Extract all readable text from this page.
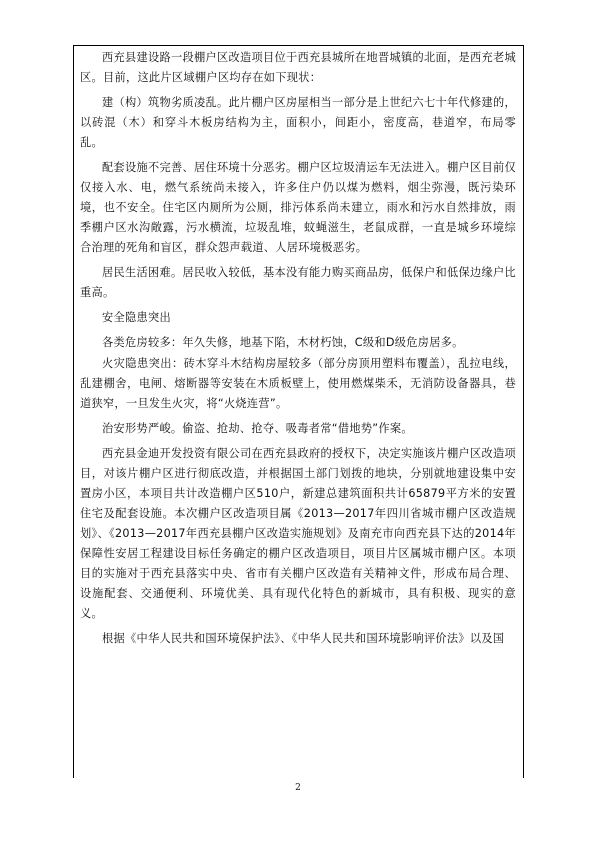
西充县建设路一段棚户区改造项目位于西充县城所在地晋城镇的北面，是西充老城区。目前，这此片区域棚户区均存在如下现状：

建（构）筑物劣质凌乱。此片棚户区房屋相当一部分是上世纪六七十年代修建的，以砖混（木）和穿斗木板房结构为主，面积小，间距小，密度高，巷道窄，布局零乱。

配套设施不完善、居住环境十分恶劣。棚户区垃圾清运车无法进入。棚户区目前仅仅接入水、电，燃气系统尚未接入，许多住户仍以煤为燃料，烟尘弥漫，既污染环境，也不安全。住宅区内厕所为公厕，排污体系尚未建立，雨水和污水自然排放，雨季棚户区水沟敞露，污水横流，垃圾乱堆，蚊蝇滋生，老鼠成群，一直是城乡环境综合治理的死角和盲区，群众怨声载道、人居环境极恶劣。

居民生活困难。居民收入较低，基本没有能力购买商品房，低保户和低保边缘户比重高。

安全隐患突出

各类危房较多：年久失修，地基下陷，木材朽蚀，C级和D级危房居多。

火灾隐患突出：砖木穿斗木结构房屋较多（部分房顶用塑料布覆盖），乱拉电线，乱建棚舍，电闸、熔断器等安装在木质板壁上，使用燃煤柴禾，无消防设备器具，巷道狭窄，一旦发生火灾，将“火烧连营”。

治安形势严峻。偷盗、抢劫、抢夺、吸毒者常“借地势”作案。

西充县金迪开发投资有限公司在西充县政府的授权下，决定实施该片棚户区改造项目，对该片棚户区进行彻底改造，并根据国土部门划拨的地块，分别就地建设集中安置房小区，本项目共计改造棚户区510户，新建总建筑面积共计65879平方米的安置住宅及配套设施。本次棚户区改造项目属《2013—2017年四川省城市棚户区改造规划》、《2013—2017年西充县棚户区改造实施规划》及南充市向西充县下达的2014年保障性安居工程建设目标任务确定的棚户区改造项目，项目片区属城市棚户区。本项目的实施对于西充县落实中央、省市有关棚户区改造有关精神文件，形成布局合理、设施配套、交通便利、环境优美、具有现代化特色的新城市，具有积极、现实的意义。

根据《中华人民共和国环境保护法》、《中华人民共和国环境影响评价法》以及国

2
